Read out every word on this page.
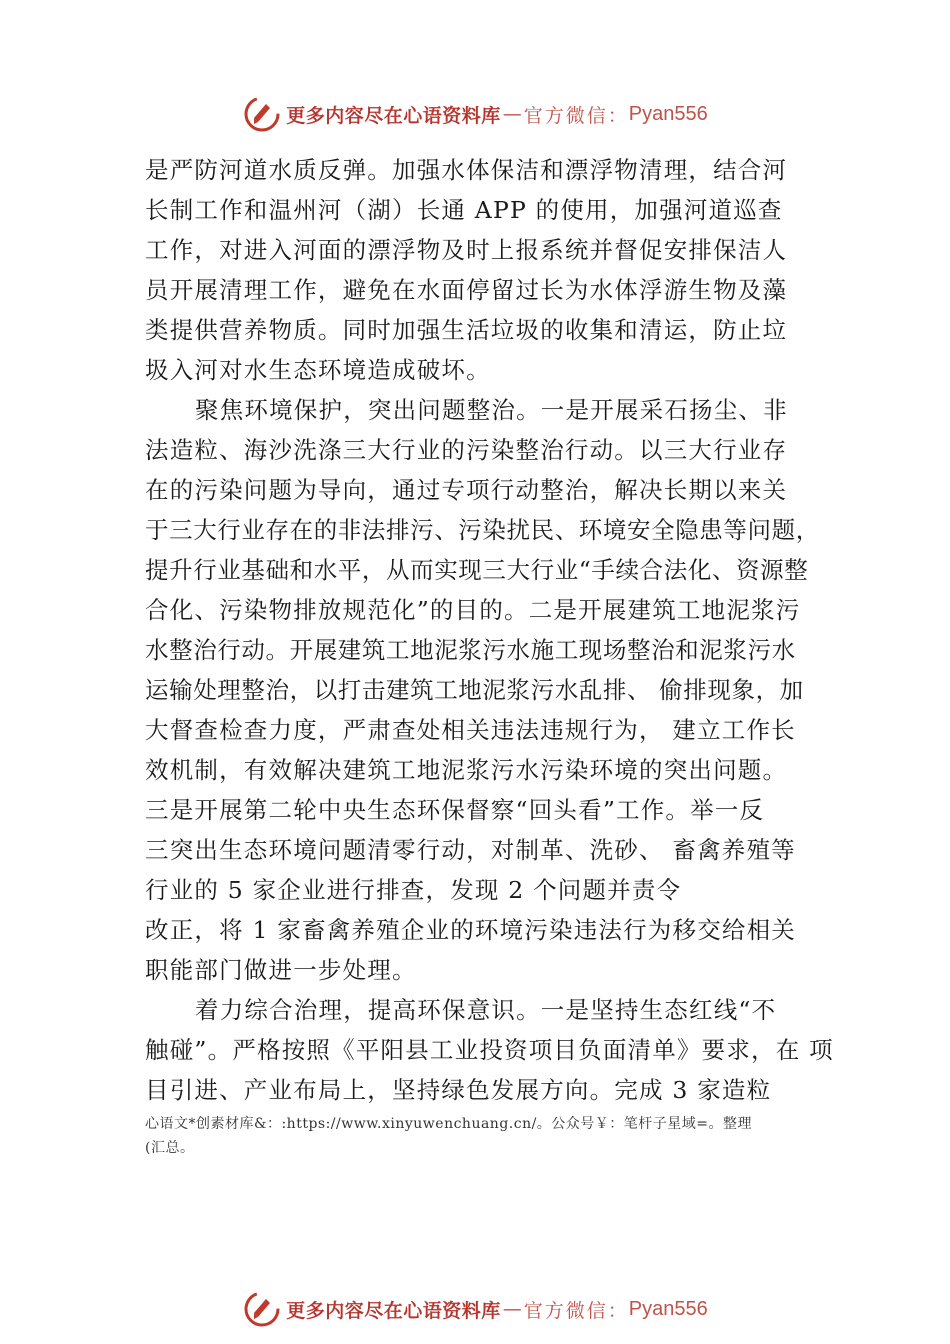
更多内容尽在心语资料库 — 官方微信： Pyan556
是严防河道水质反弹。加强水体保洁和漂浮物清理，结合河
长制工作和温州河（湖）长通 APP 的使用，加强河道巡查
工作，对进入河面的漂浮物及时上报系统并督促安排保洁人
员开展清理工作，避免在水面停留过长为水体浮游生物及藻
类提供营养物质。同时加强生活垃圾的收集和清运，防止垃
圾入河对水生态环境造成破坏。
聚焦环境保护，突出问题整治。一是开展采石扬尘、非
法造粒、海沙洗涤三大行业的污染整治行动。以三大行业存
在的污染问题为导向，通过专项行动整治，解决长期以来关
于三大行业存在的非法排污、污染扰民、环境安全隐患等问题，
提升行业基础和水平，从而实现三大行业“手续合法化、资源整
合化、污染物排放规范化”的目的。二是开展建筑工地泥浆污
水整治行动。开展建筑工地泥浆污水施工现场整治和泥浆污水
运输处理整治，以打击建筑工地泥浆污水乱排、 偷排现象，加
大督查检查力度，严肃查处相关违法违规行为， 建立工作长
效机制，有效解决建筑工地泥浆污水污染环境的突出问题。
三是开展第二轮中央生态环保督察“回头看”工作。举一反
三突出生态环境问题清零行动，对制革、洗砂、 畜禽养殖等
行业的 5 家企业进行排查，发现 2 个问题并责令
改正，将 1 家畜禽养殖企业的环境污染违法行为移交给相关
职能部门做进一步处理。
着力综合治理，提高环保意识。一是坚持生态红线“不
触碰”。严格按照《平阳县工业投资项目负面清单》要求，在 项
目引进、产业布局上，坚持绿色发展方向。完成 3 家造粒
心语文*创素材库&：:https://www.xinyuwenchuang.cn/。公众号￥：笔杆子星域=。整理
(汇总。
更多内容尽在心语资料库 — 官方微信： Pyan556
